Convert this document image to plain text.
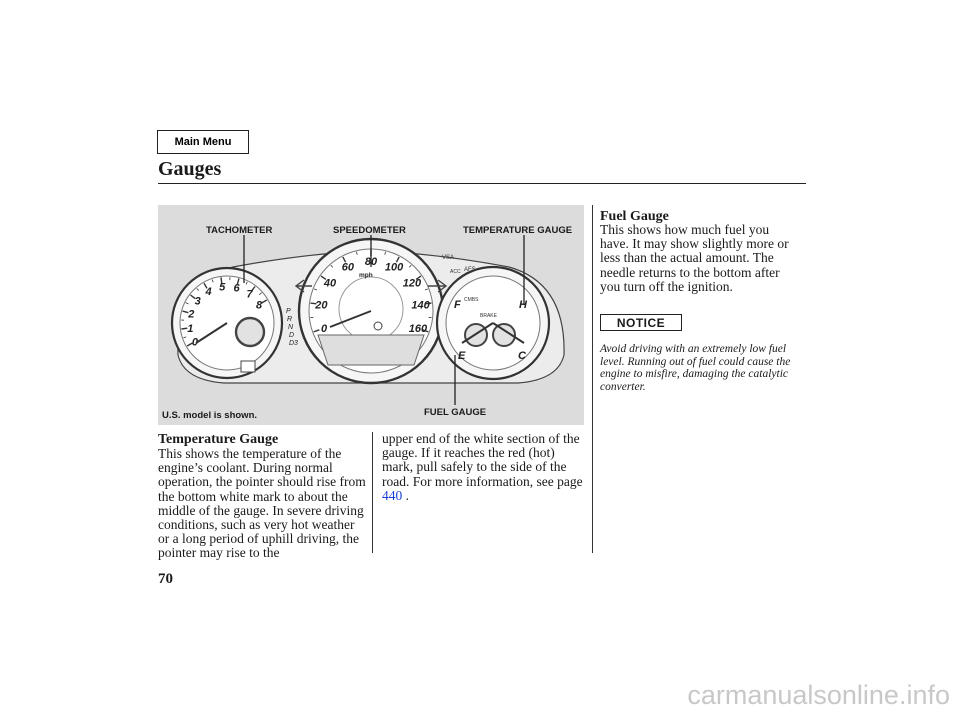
Main Menu
Gauges
0
1
2
3
4 5 6
7
8
0
20
40
60 80 100
120
140
160
P
R
N
D
D3
mph
F
E
H
C
VSA
AFS
ACC
BRAKE
CMBS
TACHOMETER	SPEEDOMETER	TEMPERATURE GAUGE
FUEL GAUGE
U.S. model is shown.
Fuel Gauge
This shows how much fuel you have. It may show slightly more or less than the actual amount. The needle returns to the bottom after you turn off the ignition.
NOTICE
Avoid driving with an extremely low fuel level. Running out of fuel could cause the engine to misfire, damaging the catalytic converter.
Temperature Gauge
This shows the temperature of the engine’s coolant. During normal operation, the pointer should rise from the bottom white mark to about the middle of the gauge. In severe driving conditions, such as very hot weather or a long period of uphill driving, the pointer may rise to the
upper end of the white section of the gauge. If it reaches the red (hot) mark, pull safely to the side of the road. For more information, see page 440 .
70
carmanualsonline.info
